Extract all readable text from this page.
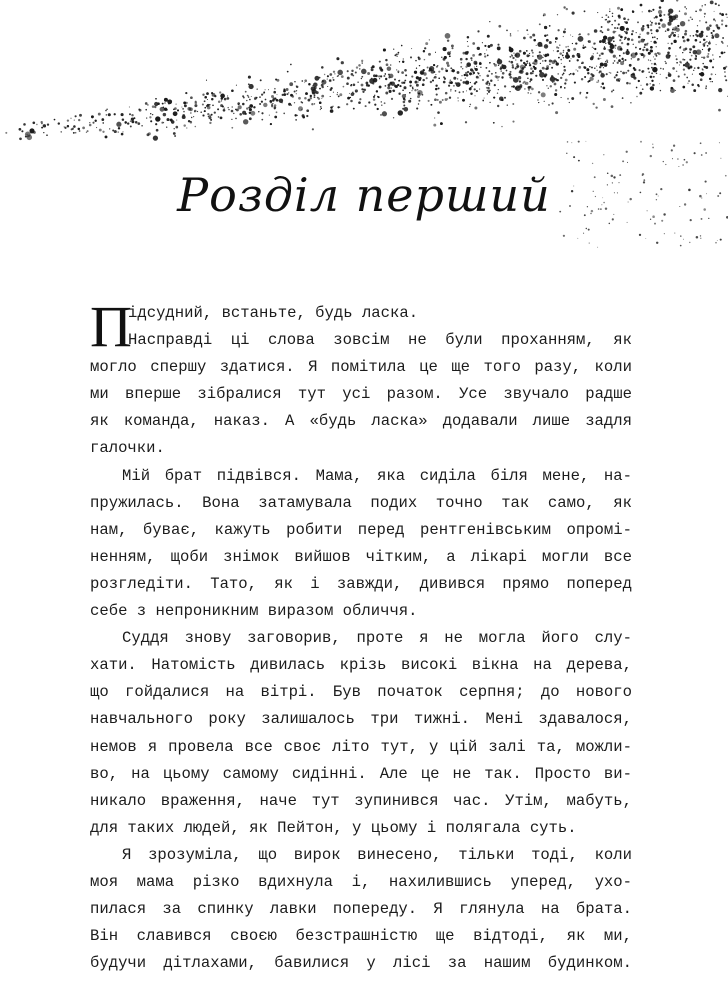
Розділ перший
П
ідсудний, встаньте, будь ласка.
Насправді ці слова зовсім не були проханням, як
могло спершу здатися. Я помітила це ще того разу, коли
ми вперше зібралися тут усі разом. Усе звучало радше
як команда, наказ. А «будь ласка» додавали лише задля
галочки.
Мій брат підвівся. Мама, яка сиділа біля мене, на-
пружилась. Вона затамувала подих точно так само, як
нам, буває, кажуть робити перед рентгенівським опромі-
ненням, щоби знімок вийшов чітким, а лікарі могли все
розгледіти. Тато, як і завжди, дивився прямо поперед
себе з непроникним виразом обличчя.
Суддя знову заговорив, проте я не могла його слу-
хати. Натомість дивилась крізь високі вікна на дерева,
що гойдалися на вітрі. Був початок серпня; до нового
навчального року залишалось три тижні. Мені здавалося,
немов я провела все своє літо тут, у цій залі та, можли-
во, на цьому самому сидінні. Але це не так. Просто ви-
никало враження, наче тут зупинився час. Утім, мабуть,
для таких людей, як Пейтон, у цьому і полягала суть.
Я зрозуміла, що вирок винесено, тільки тоді, коли
моя мама різко вдихнула і, нахилившись уперед, ухо-
пилася за спинку лавки попереду. Я глянула на брата.
Він славився своєю безстрашністю ще відтоді, як ми,
будучи дітлахами, бавилися у лісі за нашим будинком.
